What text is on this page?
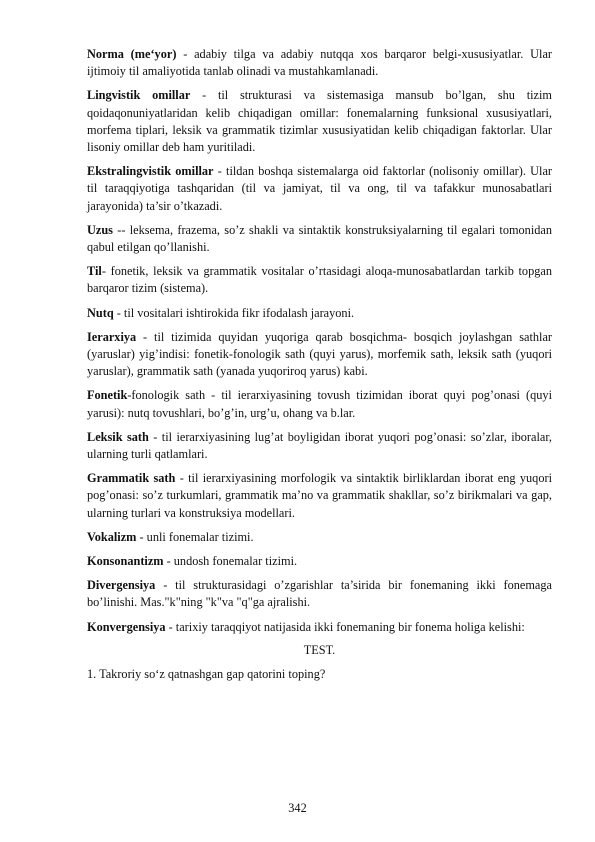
Norma (me‘yor) - adabiy tilga va adabiy nutqqa xos barqaror belgi-xususiyatlar. Ular ijtimoiy til amaliyotida tanlab olinadi va mustahkamlanadi.

Lingvistik omillar - til strukturasi va sistemasiga mansub bo’lgan, shu tizim qoidaqonuniyatlaridan kelib chiqadigan omillar: fonemalarning funksional xususiyatlari, morfema tiplari, leksik va grammatik tizimlar xususiyatidan kelib chiqadigan faktorlar. Ular lisoniy omillar deb ham yuritiladi.

Ekstralingvistik omillar - tildan boshqa sistemalarga oid faktorlar (nolisoniy omillar). Ular til taraqqiyotiga tashqaridan (til va jamiyat, til va ong, til va tafakkur munosabatlari jarayonida) ta’sir o’tkazadi.

Uzus -- leksema, frazema, so’z shakli va sintaktik konstruksiyalarning til egalari tomonidan qabul etilgan qo’llanishi.

Til- fonetik, leksik va grammatik vositalar o’rtasidagi aloqa-munosabatlardan tarkib topgan barqaror tizim (sistema).

Nutq - til vositalari ishtirokida fikr ifodalash jarayoni.

Ierarxiya - til tizimida quyidan yuqoriga qarab bosqichma- bosqich joylashgan sathlar (yaruslar) yig’indisi: fonetik-fonologik sath (quyi yarus), morfemik sath, leksik sath (yuqori yaruslar), grammatik sath (yanada yuqoriroq yarus) kabi.

Fonetik-fonologik sath - til ierarxiyasining tovush tizimidan iborat quyi pog’onasi (quyi yarusi): nutq tovushlari, bo’g’in, urg’u, ohang va b.lar.

Leksik sath - til ierarxiyasining lug’at boyligidan iborat yuqori pog’onasi: so’zlar, iboralar, ularning turli qatlamlari.

Grammatik sath - til ierarxiyasining morfologik va sintaktik birliklardan iborat eng yuqori pog’onasi: so’z turkumlari, grammatik ma’no va grammatik shakllar, so’z birikmalari va gap, ularning turlari va konstruksiya modellari.

Vokalizm - unli fonemalar tizimi.

Konsonantizm - undosh fonemalar tizimi.

Divergensiya - til strukturasidagi o’zgarishlar ta’sirida bir fonemaning ikki fonemaga bo’linishi. Mas."k"ning "k"va "q"ga ajralishi.

Konvergensiya - tarixiy taraqqiyot natijasida ikki fonemaning bir fonema holiga kelishi:

TEST.

1. Takroriy so‘z qatnashgan gap qatorini toping?

342
